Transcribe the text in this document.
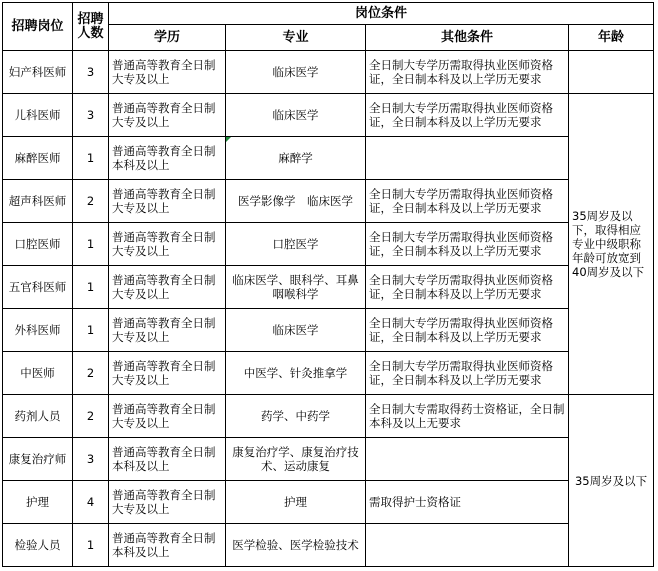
招聘岗位	招聘人数	岗位条件			
		学历	专业	其他条件	年龄
妇产科医师	3	普通高等教育全日制大专及以上	临床医学	全日制大专学历需取得执业医师资格证，全日制本科及以上学历无要求	
儿科医师	3	普通高等教育全日制大专及以上	临床医学	全日制大专学历需取得执业医师资格证，全日制本科及以上学历无要求	35周岁及以下，取得相应专业中级职称年龄可放宽到40周岁及以下
麻醉医师	1	普通高等教育全日制本科及以上	麻醉学		
超声科医师	2	普通高等教育全日制大专及以上	医学影像学　临床医学	全日制大专学历需取得执业医师资格证，全日制本科及以上学历无要求	
口腔医师	1	普通高等教育全日制大专及以上	口腔医学	全日制大专学历需取得执业医师资格证，全日制本科及以上学历无要求	
五官科医师	1	普通高等教育全日制大专及以上	临床医学、眼科学、耳鼻咽喉科学	全日制大专学历需取得执业医师资格证，全日制本科及以上学历无要求	
外科医师	1	普通高等教育全日制大专及以上	临床医学	全日制大专学历需取得执业医师资格证，全日制本科及以上学历无要求	
中医师	2	普通高等教育全日制大专及以上	中医学、针灸推拿学	全日制大专学历需取得执业医师资格证，全日制本科及以上学历无要求	
药剂人员	2	普通高等教育全日制大专及以上	药学、中药学	全日制大专需取得药士资格证，全日制本科及以上无要求	35周岁及以下
康复治疗师	3	普通高等教育全日制本科及以上	康复治疗学、康复治疗技术、运动康复		
护理	4	普通高等教育全日制大专及以上	护理	需取得护士资格证	
检验人员	1	普通高等教育全日制本科及以上	医学检验、医学检验技术		
